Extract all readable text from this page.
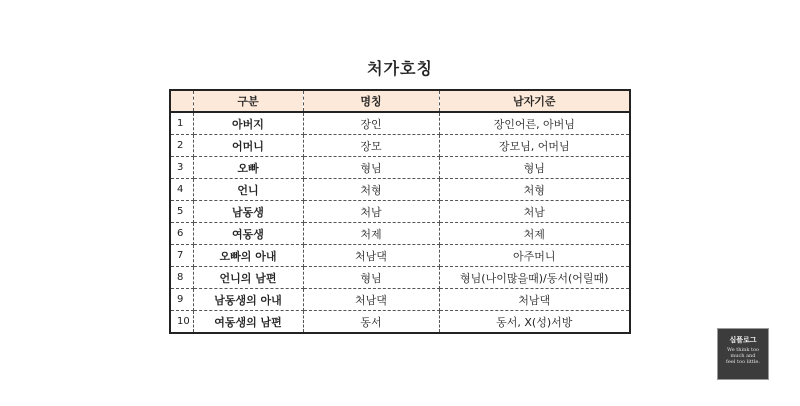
처가호칭
	구분	명칭	남자기준
1	아버지	장인	장인어른, 아버님
2	어머니	장모	장모님, 어머님
3	오빠	형님	형님
4	언니	처형	처형
5	남동생	처남	처남
6	여동생	처제	처제
7	오빠의 아내	처남댁	아주머니
8	언니의 남편	형님	형님(나이많을때)/동서(어릴때)
9	남동생의 아내	처남댁	처남댁
10	여동생의 남편	동서	동서, X(성)서방
심플로그
We think too
much and
feel too little.
